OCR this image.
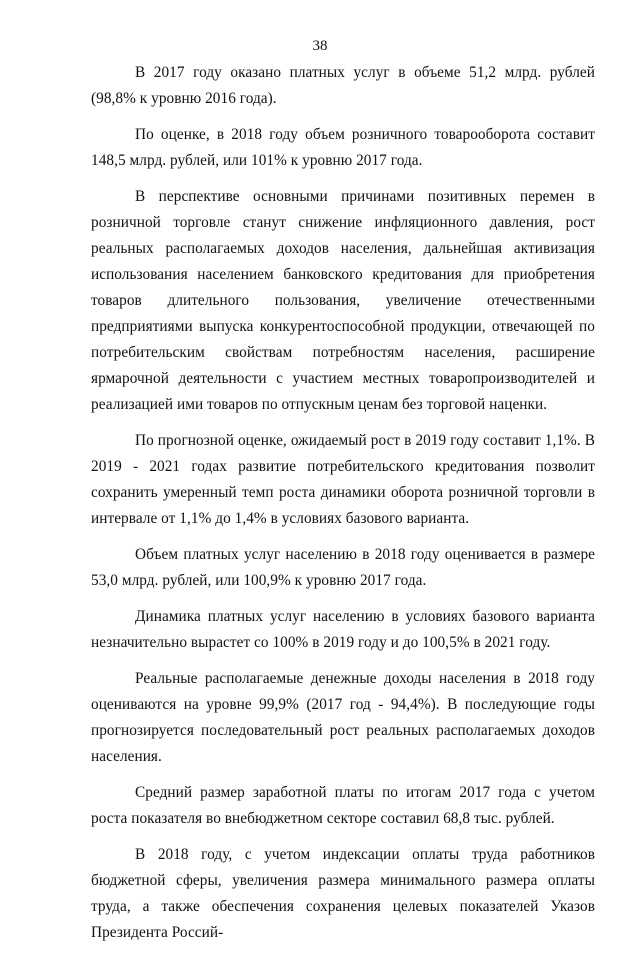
38

В 2017 году оказано платных услуг в объеме 51,2 млрд. рублей (98,8% к уровню 2016 года).

По оценке, в 2018 году объем розничного товарооборота составит 148,5 млрд. рублей, или 101% к уровню 2017 года.

В перспективе основными причинами позитивных перемен в розничной торговле станут снижение инфляционного давления, рост реальных располагаемых доходов населения, дальнейшая активизация использования населением банковского кредитования для приобретения товаров длительного пользования, увеличение отечественными предприятиями выпуска конкурентоспособной продукции, отвечающей по потребительским свойствам потребностям населения, расширение ярмарочной деятельности с участием местных товаропроизводителей и реализацией ими товаров по отпускным ценам без торговой наценки.

По прогнозной оценке, ожидаемый рост в 2019 году составит 1,1%. В 2019 - 2021 годах развитие потребительского кредитования позволит сохранить умеренный темп роста динамики оборота розничной торговли в интервале от 1,1% до 1,4% в условиях базового варианта.

Объем платных услуг населению в 2018 году оценивается в размере 53,0 млрд. рублей, или 100,9% к уровню 2017 года.

Динамика платных услуг населению в условиях базового варианта незначительно вырастет со 100% в 2019 году и до 100,5% в 2021 году.

Реальные располагаемые денежные доходы населения в 2018 году оцениваются на уровне 99,9% (2017 год - 94,4%). В последующие годы прогнозируется последовательный рост реальных располагаемых доходов населения.

Средний размер заработной платы по итогам 2017 года с учетом роста показателя во внебюджетном секторе составил 68,8 тыс. рублей.

В 2018 году, с учетом индексации оплаты труда работников бюджетной сферы, увеличения размера минимального размера оплаты труда, а также обеспечения сохранения целевых показателей Указов Президента Россий-
